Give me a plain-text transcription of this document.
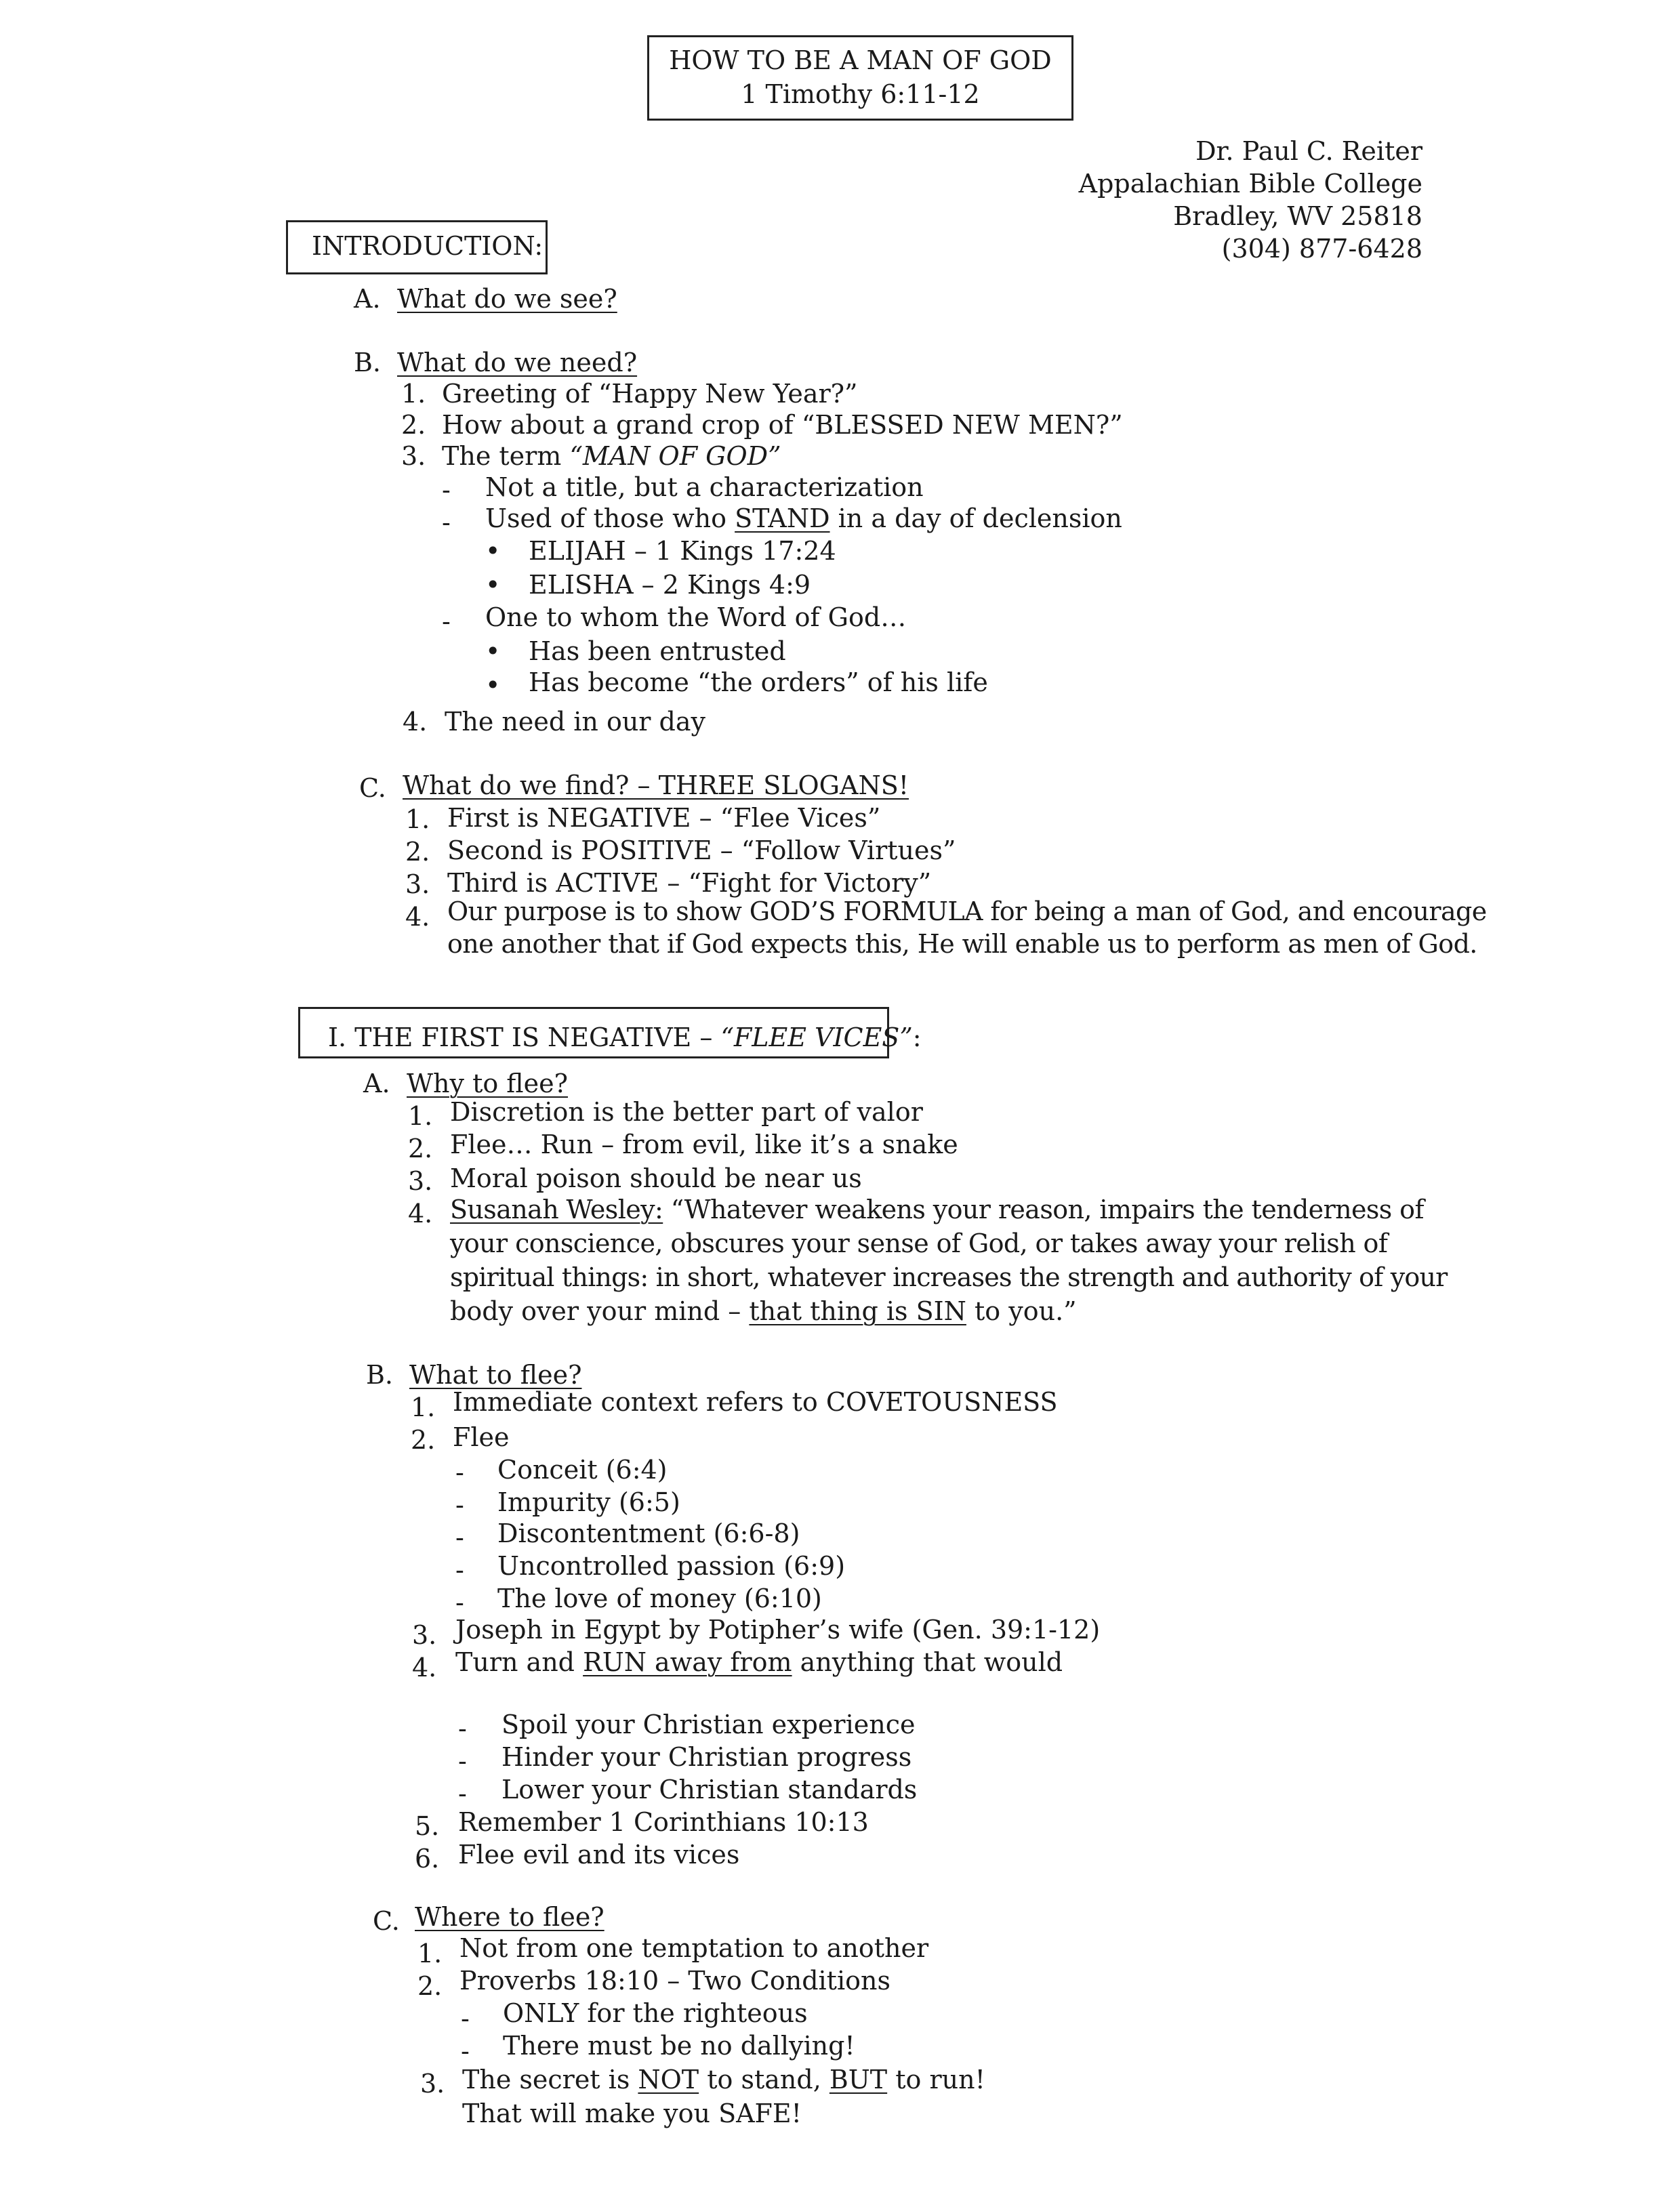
HOW TO BE A MAN OF GOD
1 Timothy 6:11-12
Dr. Paul C. Reiter
Appalachian Bible College
Bradley, WV 25818
(304) 877-6428
INTRODUCTION:
A. What do we see?
B. What do we need?
1. Greeting of “Happy New Year?”
2. How about a grand crop of “BLESSED NEW MEN?”
3. The term “MAN OF GOD”
- Not a title, but a characterization
- Used of those who STAND in a day of declension
• ELIJAH – 1 Kings 17:24
• ELISHA – 2 Kings 4:9
- One to whom the Word of God…
• Has been entrusted
• Has become “the orders” of his life
4. The need in our day
C. What do we find? – THREE SLOGANS!
1. First is NEGATIVE – “Flee Vices”
2. Second is POSITIVE – “Follow Virtues”
3. Third is ACTIVE – “Fight for Victory”
4. Our purpose is to show GOD’S FORMULA for being a man of God, and encourage
one another that if God expects this, He will enable us to perform as men of God.
I. THE FIRST IS NEGATIVE – “FLEE VICES”:
A. Why to flee?
1. Discretion is the better part of valor
2. Flee… Run – from evil, like it’s a snake
3. Moral poison should be near us
4. Susanah Wesley: “Whatever weakens your reason, impairs the tenderness of
your conscience, obscures your sense of God, or takes away your relish of
spiritual things: in short, whatever increases the strength and authority of your
body over your mind – that thing is SIN to you.”
B. What to flee?
1. Immediate context refers to COVETOUSNESS
2. Flee
- Conceit (6:4)
- Impurity (6:5)
- Discontentment (6:6-8)
- Uncontrolled passion (6:9)
- The love of money (6:10)
3. Joseph in Egypt by Potipher’s wife (Gen. 39:1-12)
4. Turn and RUN away from anything that would
- Spoil your Christian experience
- Hinder your Christian progress
- Lower your Christian standards
5. Remember 1 Corinthians 10:13
6. Flee evil and its vices
C. Where to flee?
1. Not from one temptation to another
2. Proverbs 18:10 – Two Conditions
- ONLY for the righteous
- There must be no dallying!
3. The secret is NOT to stand, BUT to run!
That will make you SAFE!
